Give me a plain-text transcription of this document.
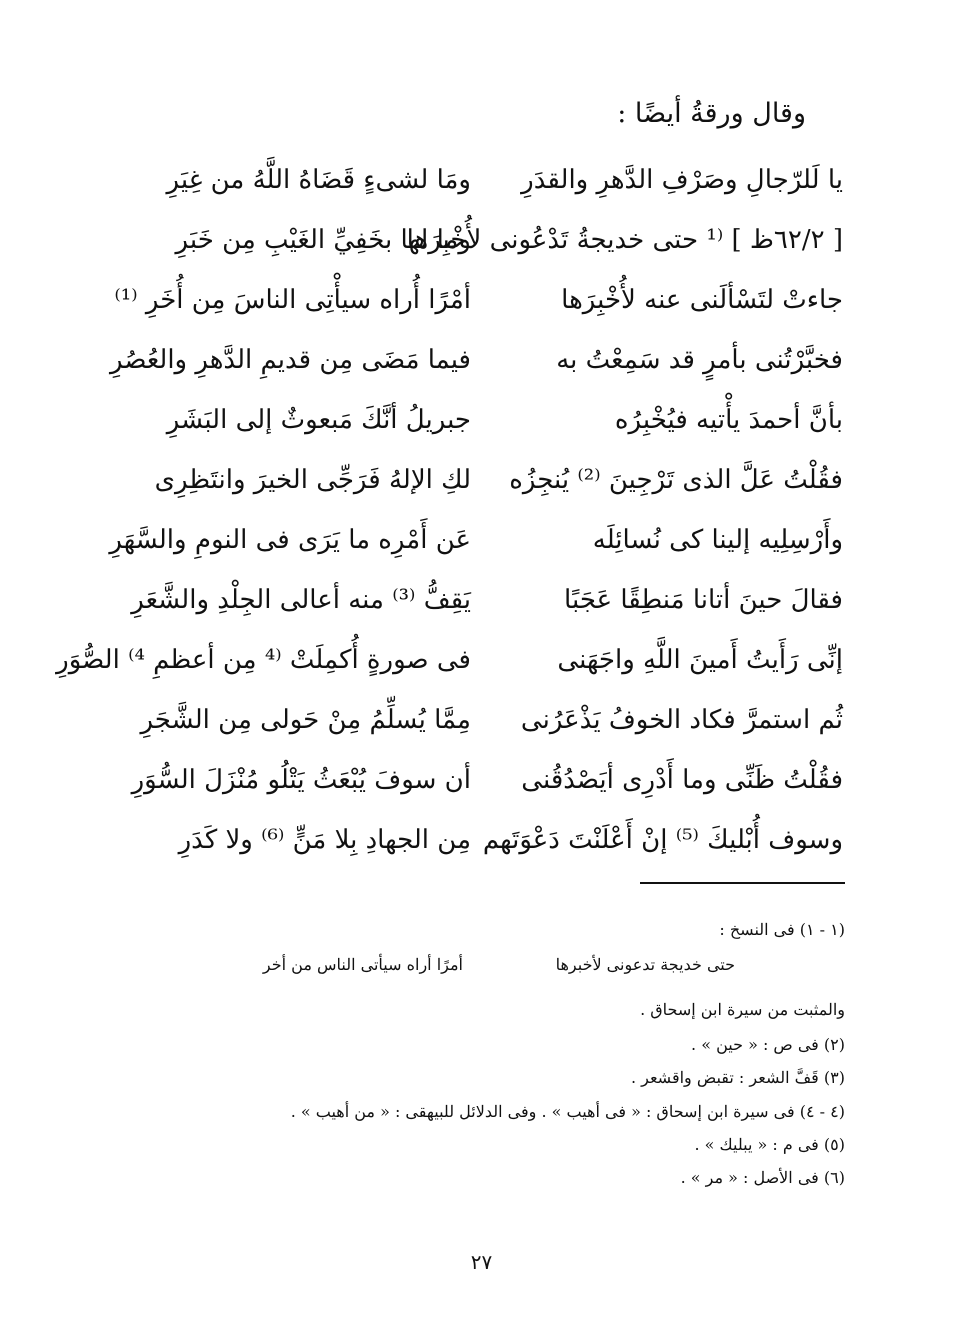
وقال ورقةُ أيضًا :
يا لَلرّجالِ وصَرْفِ الدَّهرِ والقدَرِ
ومَا لشىءٍ قَضَاهُ اللَّهُ من غِيَرِ
[ ٦٢/٢ظ ] ⁽¹ حتى خديجةُ تَدْعُونى لأُخْبِرَها
وما لها بخَفِيِّ الغَيْبِ مِن خَبَرِ
جاءتْ لتَسْألَنى عنه لأُخْبِرَها
أمْرًا أُراه سيأْتِى الناسَ مِن أُخَرِ ⁽¹⁾
فخبَّرْتُنى بأمرٍ قد سَمِعْتُ به
فيما مَضَى مِن قديمِ الدَّهرِ والعُصُرِ
بأنَّ أحمدَ يأْتيه فيُخْبِرُه
جبريلُ أنَّكَ مَبعوثٌ إلى البَشَرِ
فقُلْتُ عَلَّ الذى تَرْجِينَ ⁽²⁾ يُنجِزُه
لكِ الإلهُ فَرَجِّى الخيرَ وانتَظِرِى
وأَرْسِلِيه إلينا كى نُسائِلَه
عَن أَمْرِه ما يَرَى فى النومِ والسَّهَرِ
فقالَ حينَ أتانا مَنطِقًا عَجَبًا
يَقِفُّ ⁽³⁾ منه أعالى الجِلْدِ والشَّعَرِ
إنِّى رَأَيتُ أَمينَ اللَّهِ واجَهَنى
فى صورةٍ أُكمِلَتْ ⁽⁴ مِن أعظمِ ⁴⁾ الصُّوَرِ
ثُم استمرَّ فكاد الخوفُ يَذْعَرُنى
مِمَّا يُسلِّمُ مِنْ حَولى مِن الشَّجَرِ
فقُلْتُ ظَنِّى وما أَدْرِى أيَصْدُقُنى
أن سوفَ يُبْعَثُ يَتْلُو مُنْزَلَ السُّوَرِ
وسوف أُبْليكَ ⁽⁵⁾ إنْ أَعْلَنْتَ دَعْوَتَهم
مِن الجهادِ بِلا مَنٍّ ⁽⁶⁾ ولا كَدَرِ
(١ - ١) فى النسخ :
حتى خديجة تدعونى لأخبرها
أمرًا أراه سيأتى الناس من أخر
والمثبت من سيرة ابن إسحاق .
(٢) فى ص : « حين » .
(٣) قَفَّ الشعر : تقبض واقشعر .
(٤ - ٤) فى سيرة ابن إسحاق : « فى أهيب » . وفى الدلائل للبيهقى : « من أهيب » .
(٥) فى م : « يبليك » .
(٦) فى الأصل : « مر » .
٢٧
